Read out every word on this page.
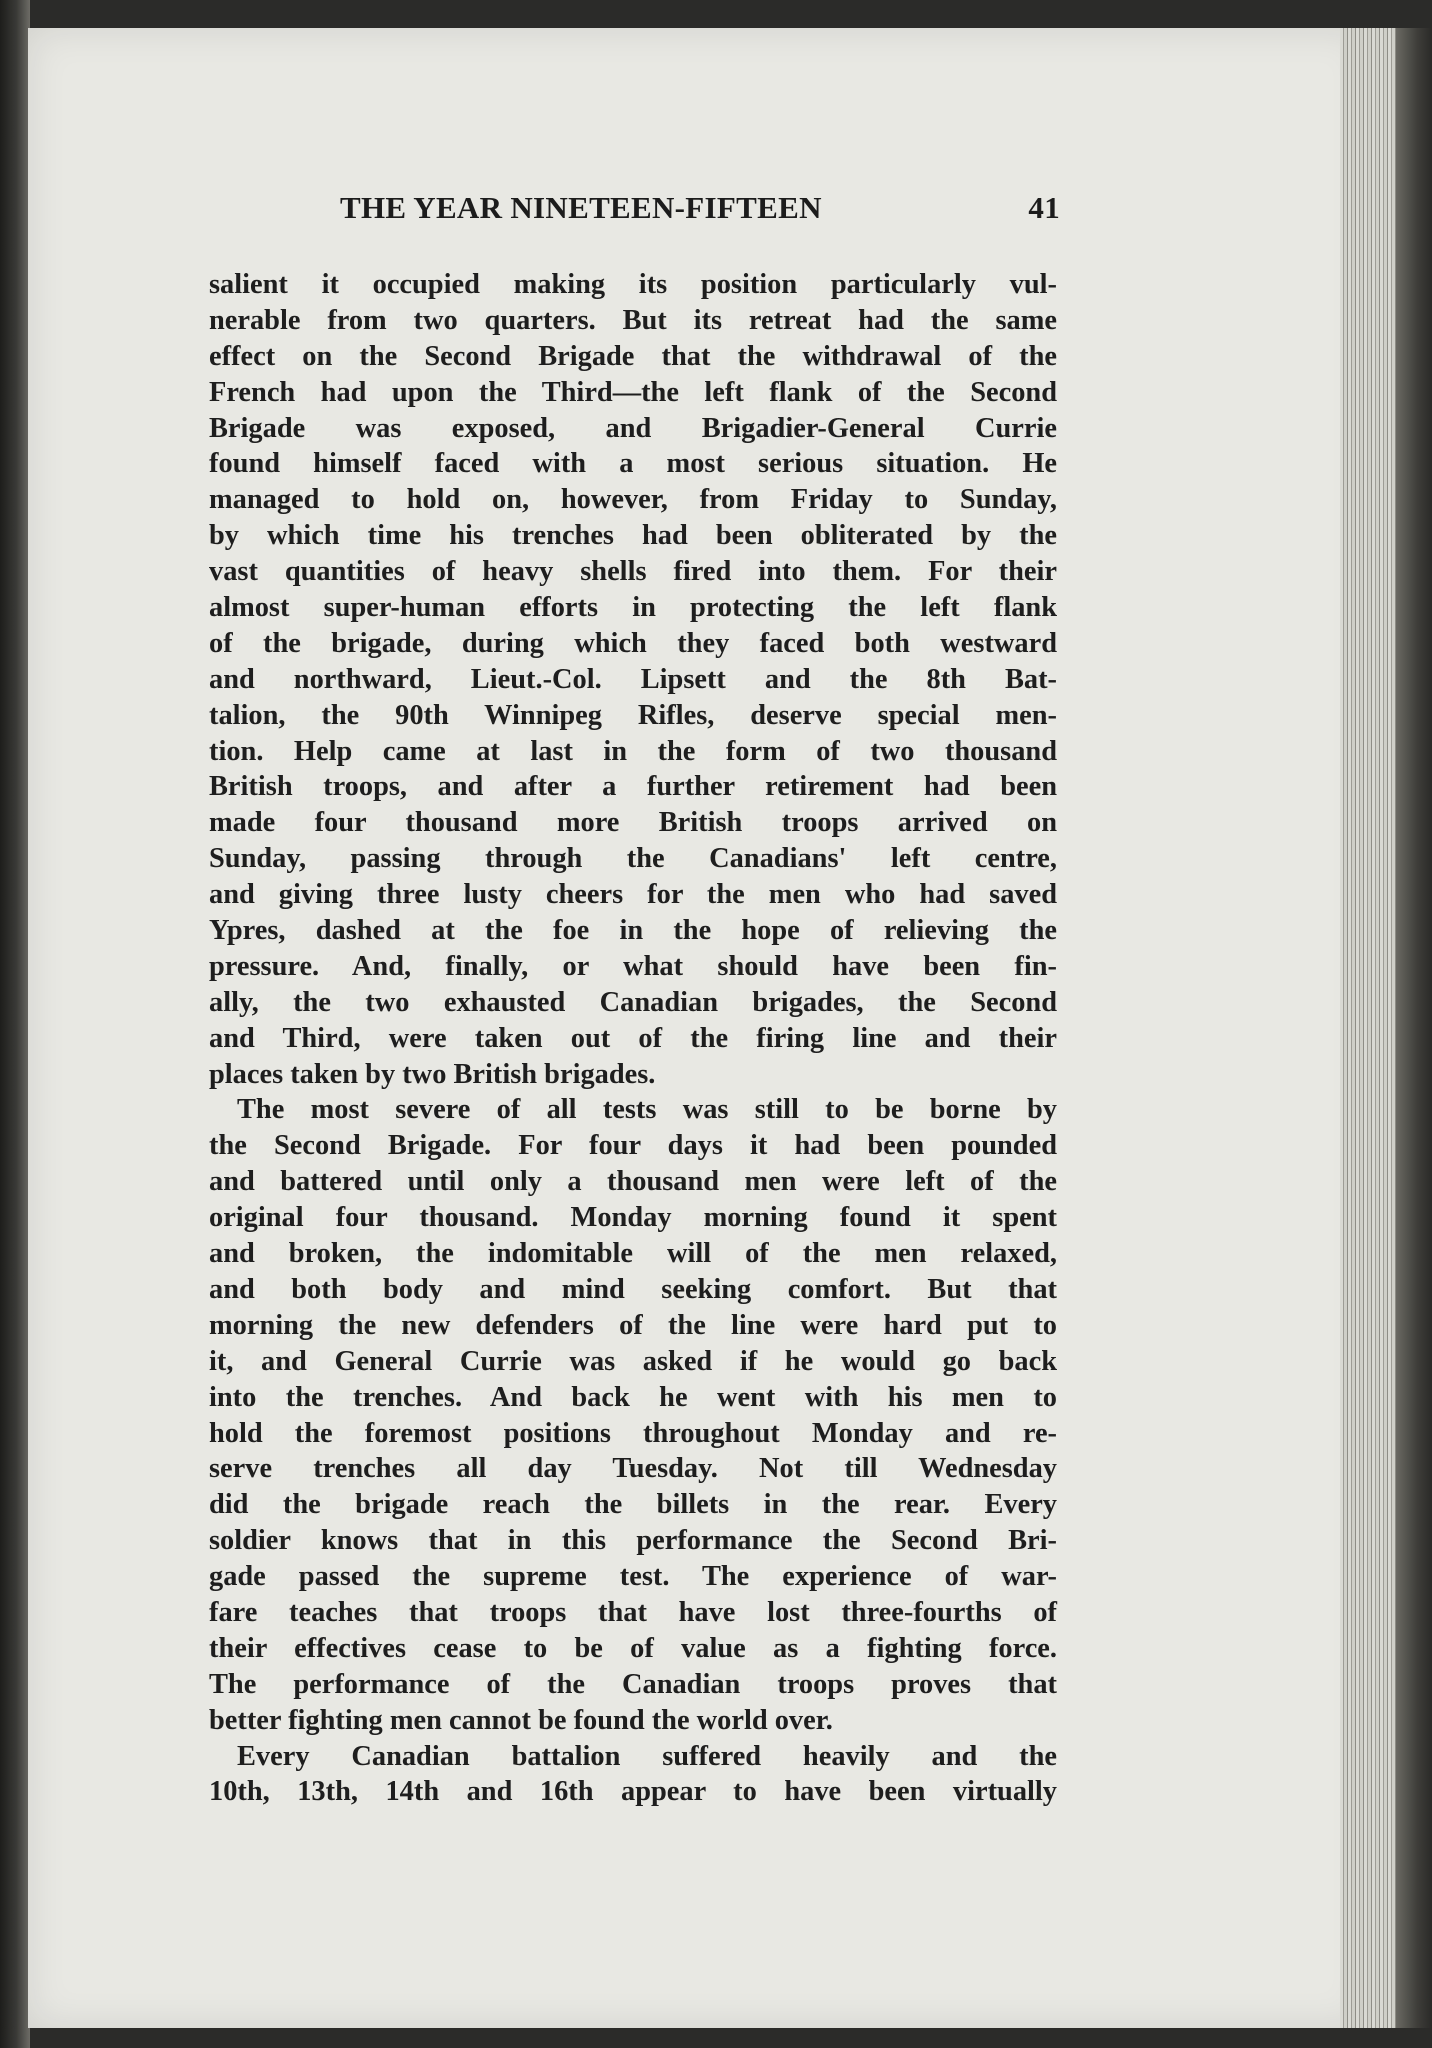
THE YEAR NINETEEN-FIFTEEN	41
salient it occupied making its position particularly vul-
nerable from two quarters. But its retreat had the same
effect on the Second Brigade that the withdrawal of the
French had upon the Third—the left flank of the Second
Brigade was exposed, and Brigadier-General Currie
found himself faced with a most serious situation. He
managed to hold on, however, from Friday to Sunday,
by which time his trenches had been obliterated by the
vast quantities of heavy shells fired into them. For their
almost super-human efforts in protecting the left flank
of the brigade, during which they faced both westward
and northward, Lieut.-Col. Lipsett and the 8th Bat-
talion, the 90th Winnipeg Rifles, deserve special men-
tion. Help came at last in the form of two thousand
British troops, and after a further retirement had been
made four thousand more British troops arrived on
Sunday, passing through the Canadians' left centre,
and giving three lusty cheers for the men who had saved
Ypres, dashed at the foe in the hope of relieving the
pressure. And, finally, or what should have been fin-
ally, the two exhausted Canadian brigades, the Second
and Third, were taken out of the firing line and their
places taken by two British brigades.
The most severe of all tests was still to be borne by
the Second Brigade. For four days it had been pounded
and battered until only a thousand men were left of the
original four thousand. Monday morning found it spent
and broken, the indomitable will of the men relaxed,
and both body and mind seeking comfort. But that
morning the new defenders of the line were hard put to
it, and General Currie was asked if he would go back
into the trenches. And back he went with his men to
hold the foremost positions throughout Monday and re-
serve trenches all day Tuesday. Not till Wednesday
did the brigade reach the billets in the rear. Every
soldier knows that in this performance the Second Bri-
gade passed the supreme test. The experience of war-
fare teaches that troops that have lost three-fourths of
their effectives cease to be of value as a fighting force.
The performance of the Canadian troops proves that
better fighting men cannot be found the world over.
Every Canadian battalion suffered heavily and the
10th, 13th, 14th and 16th appear to have been virtually
